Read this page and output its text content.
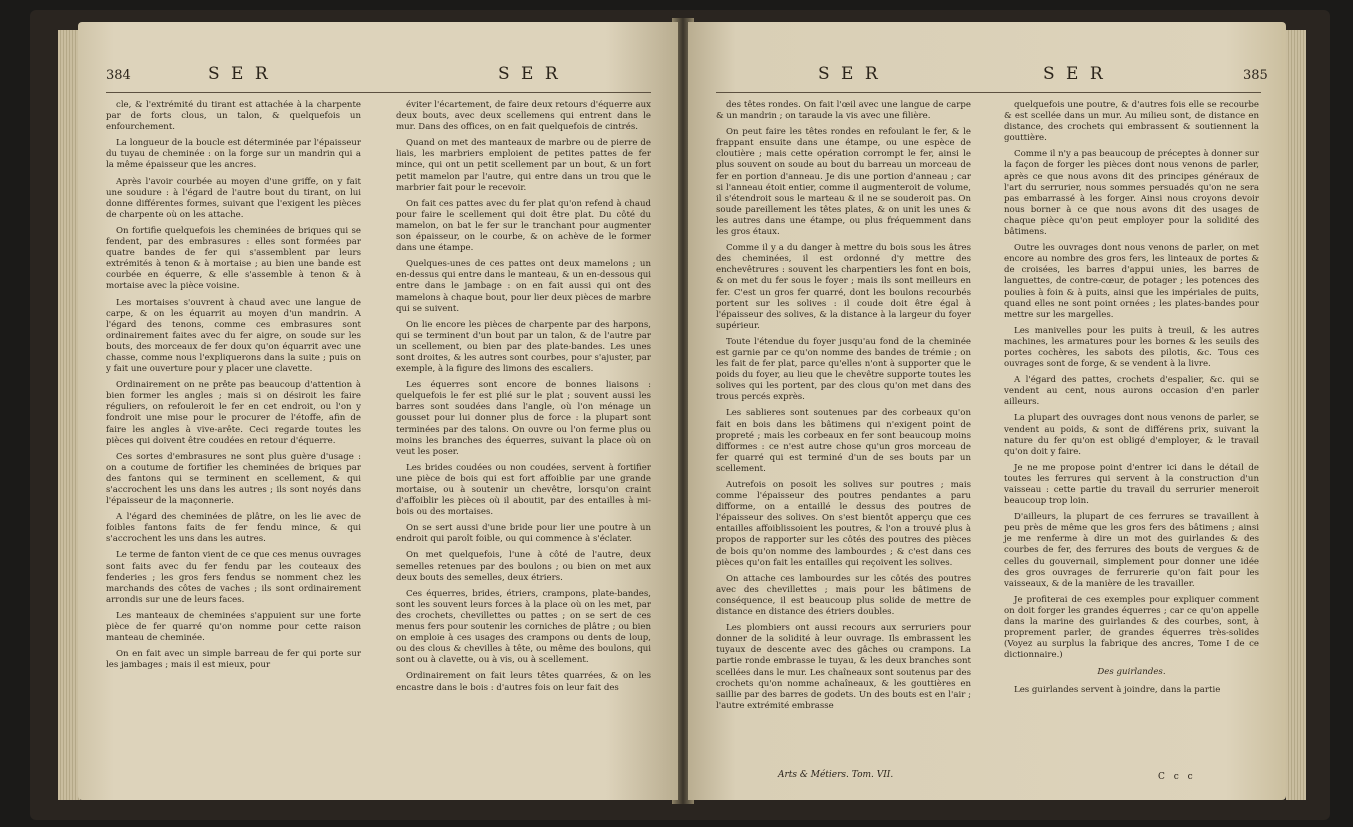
384	S E R	S E R

cle, & l'extrémité du tirant est attachée à la charpente par de forts clous, un talon, & quelquefois un enfourchement.

La longueur de la boucle est déterminée par l'épaisseur du tuyau de cheminée : on la forge sur un mandrin qui a la même épaisseur que les ancres.

Après l'avoir courbée au moyen d'une griffe, on y fait une soudure : à l'égard de l'autre bout du tirant, on lui donne différentes formes, suivant que l'exigent les pièces de charpente où on les attache.

On fortifie quelquefois les cheminées de briques qui se fendent, par des embrasures : elles sont formées par quatre bandes de fer qui s'assemblent par leurs extrémités à tenon & à mortaise ; au bien une bande est courbée en équerre, & elle s'assemble à tenon & à mortaise avec la pièce voisine.

Les mortaises s'ouvrent à chaud avec une langue de carpe, & on les équarrit au moyen d'un mandrin. A l'égard des tenons, comme ces embrasures sont ordinairement faites avec du fer aigre, on soude sur les bouts, des morceaux de fer doux qu'on équarrit avec une chasse, comme nous l'expliquerons dans la suite ; puis on y fait une ouverture pour y placer une clavette.

Ordinairement on ne prête pas beaucoup d'attention à bien former les angles ; mais si on désiroit les faire réguliers, on refouleroit le fer en cet endroit, ou l'on y fondroit une mise pour le procurer de l'étoffe, afin de faire les angles à vive-arête. Ceci regarde toutes les pièces qui doivent être coudées en retour d'équerre.

Ces sortes d'embrasures ne sont plus guère d'usage : on a coutume de fortifier les cheminées de briques par des fantons qui se terminent en scellement, & qui s'accrochent les uns dans les autres ; ils sont noyés dans l'épaisseur de la maçonnerie.

A l'égard des cheminées de plâtre, on les lie avec de foibles fantons faits de fer fendu mince, & qui s'accrochent les uns dans les autres.

Le terme de fanton vient de ce que ces menus ouvrages sont faits avec du fer fendu par les couteaux des fenderies ; les gros fers fendus se nomment chez les marchands des côtes de vaches ; ils sont ordinairement arrondis sur une de leurs faces.

Les manteaux de cheminées s'appuient sur une forte pièce de fer quarré qu'on nomme pour cette raison manteau de cheminée.

On en fait avec un simple barreau de fer qui porte sur les jambages ; mais il est mieux, pour

éviter l'écartement, de faire deux retours d'équerre aux deux bouts, avec deux scellemens qui entrent dans le mur. Dans des offices, on en fait quelquefois de cintrés.

Quand on met des manteaux de marbre ou de pierre de liais, les marbriers emploient de petites pattes de fer mince, qui ont un petit scellement par un bout, & un fort petit mamelon par l'autre, qui entre dans un trou que le marbrier fait pour le recevoir.

On fait ces pattes avec du fer plat qu'on refend à chaud pour faire le scellement qui doit être plat. Du côté du mamelon, on bat le fer sur le tranchant pour augmenter son épaisseur, on le courbe, & on achève de le former dans une étampe.

Quelques-unes de ces pattes ont deux mamelons ; un en-dessus qui entre dans le manteau, & un en-dessous qui entre dans le jambage : on en fait aussi qui ont des mamelons à chaque bout, pour lier deux pièces de marbre qui se suivent.

On lie encore les pièces de charpente par des harpons, qui se terminent d'un bout par un talon, & de l'autre par un scellement, ou bien par des plate-bandes. Les unes sont droites, & les autres sont courbes, pour s'ajuster, par exemple, à la figure des limons des escaliers.

Les équerres sont encore de bonnes liaisons : quelquefois le fer est plié sur le plat ; souvent aussi les barres sont soudées dans l'angle, où l'on ménage un gousset pour lui donner plus de force : la plupart sont terminées par des talons. On ouvre ou l'on ferme plus ou moins les branches des équerres, suivant la place où on veut les poser.

Les brides coudées ou non coudées, servent à fortifier une pièce de bois qui est fort affoiblie par une grande mortaise, ou à soutenir un chevêtre, lorsqu'on craint d'affoiblir les pièces où il aboutit, par des entailles à mi-bois ou des mortaises.

On se sert aussi d'une bride pour lier une poutre à un endroit qui paroît foible, ou qui commence à s'éclater.

On met quelquefois, l'une à côté de l'autre, deux semelles retenues par des boulons ; ou bien on met aux deux bouts des semelles, deux étriers.

Ces équerres, brides, étriers, crampons, plate-bandes, sont les souvent leurs forces à la place où on les met, par des crochets, chevillettes ou pattes ; on se sert de ces menus fers pour soutenir les corniches de plâtre ; ou bien on emploie à ces usages des crampons ou dents de loup, ou des clous & chevilles à tête, ou même des boulons, qui sont ou à clavette, ou à vis, ou à scellement.

Ordinairement on fait leurs têtes quarrées, & on les encastre dans le bois : d'autres fois on leur fait des

S E R	S E R	385

des têtes rondes. On fait l'œil avec une langue de carpe & un mandrin ; on taraude la vis avec une filière.

On peut faire les têtes rondes en refoulant le fer, & le frappant ensuite dans une étampe, ou une espèce de cloutière ; mais cette opération corrompt le fer, ainsi le plus souvent on soude au bout du barreau un morceau de fer en portion d'anneau. Je dis une portion d'anneau ; car si l'anneau étoit entier, comme il augmenteroit de volume, il s'étendroit sous le marteau & il ne se souderoit pas. On soude pareillement les têtes plates, & on unit les unes & les autres dans une étampe, ou plus fréquemment dans les gros étaux.

Comme il y a du danger à mettre du bois sous les âtres des cheminées, il est ordonné d'y mettre des enchevêtrures : souvent les charpentiers les font en bois, & on met du fer sous le foyer ; mais ils sont meilleurs en fer. C'est un gros fer quarré, dont les boulons recourbés portent sur les solives : il coude doit être égal à l'épaisseur des solives, & la distance à la largeur du foyer supérieur.

Toute l'étendue du foyer jusqu'au fond de la cheminée est garnie par ce qu'on nomme des bandes de trémie ; on les fait de fer plat, parce qu'elles n'ont à supporter que le poids du foyer, au lieu que le chevêtre supporte toutes les solives qui les portent, par des clous qu'on met dans des trous percés exprès.

Les sablieres sont soutenues par des corbeaux qu'on fait en bois dans les bâtimens qui n'exigent point de propreté ; mais les corbeaux en fer sont beaucoup moins difformes : ce n'est autre chose qu'un gros morceau de fer quarré qui est terminé d'un de ses bouts par un scellement.

Autrefois on posoit les solives sur poutres ; mais comme l'épaisseur des poutres pendantes a paru difforme, on a entaillé le dessus des poutres de l'épaisseur des solives. On s'est bientôt apperçu que ces entailles affoiblissoient les poutres, & l'on a trouvé plus à propos de rapporter sur les côtés des poutres des pièces de bois qu'on nomme des lambourdes ; & c'est dans ces pièces qu'on fait les entailles qui reçoivent les solives.

On attache ces lambourdes sur les côtés des poutres avec des chevillettes ; mais pour les bâtimens de conséquence, il est beaucoup plus solide de mettre de distance en distance des étriers doubles.

Les plombiers ont aussi recours aux serruriers pour donner de la solidité à leur ouvrage. Ils embrassent les tuyaux de descente avec des gâches ou crampons. La partie ronde embrasse le tuyau, & les deux branches sont scellées dans le mur. Les chaîneaux sont soutenus par des crochets qu'on nomme achaîneaux, & les gouttières en saillie par des barres de godets. Un des bouts est en l'air ; l'autre extrémité embrasse

quelquefois une poutre, & d'autres fois elle se recourbe & est scellée dans un mur. Au milieu sont, de distance en distance, des crochets qui embrassent & soutiennent la gouttière.

Comme il n'y a pas beaucoup de préceptes à donner sur la façon de forger les pièces dont nous venons de parler, après ce que nous avons dit des principes généraux de l'art du serrurier, nous sommes persuadés qu'on ne sera pas embarrassé à les forger. Ainsi nous croyons devoir nous borner à ce que nous avons dit des usages de chaque pièce qu'on peut employer pour la solidité des bâtimens.

Outre les ouvrages dont nous venons de parler, on met encore au nombre des gros fers, les linteaux de portes & de croisées, les barres d'appui unies, les barres de languettes, de contre-cœur, de potager ; les potences des poulies à foin & à puits, ainsi que les impériales de puits, quand elles ne sont point ornées ; les plates-bandes pour mettre sur les margelles.

Les manivelles pour les puits à treuil, & les autres machines, les armatures pour les bornes & les seuils des portes cochères, les sabots des pilotis, &c. Tous ces ouvrages sont de forge, & se vendent à la livre.

A l'égard des pattes, crochets d'espalier, &c. qui se vendent au cent, nous aurons occasion d'en parler ailleurs.

La plupart des ouvrages dont nous venons de parler, se vendent au poids, & sont de différens prix, suivant la nature du fer qu'on est obligé d'employer, & le travail qu'on doit y faire.

Je ne me propose point d'entrer ici dans le détail de toutes les ferrures qui servent à la construction d'un vaisseau : cette partie du travail du serrurier meneroit beaucoup trop loin.

D'ailleurs, la plupart de ces ferrures se travaillent à peu près de même que les gros fers des bâtimens ; ainsi je me renferme à dire un mot des guirlandes & des courbes de fer, des ferrures des bouts de vergues & de celles du gouvernail, simplement pour donner une idée des gros ouvrages de ferrurerie qu'on fait pour les vaisseaux, & de la manière de les travailler.

Je profiterai de ces exemples pour expliquer comment on doit forger les grandes équerres ; car ce qu'on appelle dans la marine des guirlandes & des courbes, sont, à proprement parler, de grandes équerres très-solides (Voyez au surplus la fabrique des ancres, Tome I de ce dictionnaire.)

Des guirlandes.

Les guirlandes servent à joindre, dans la partie

Arts & Métiers. Tom. VII.	C c c
